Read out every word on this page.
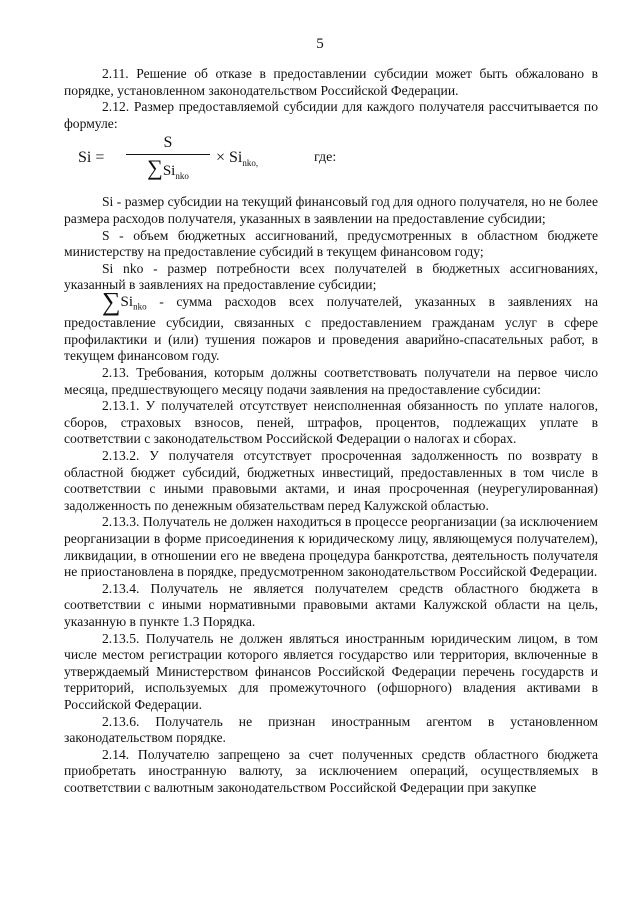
5

2.11. Решение об отказе в предоставлении субсидии может быть обжаловано в порядке, установленном законодательством Российской Федерации.

2.12. Размер предоставляемой субсидии для каждого получателя рассчитывается по формуле:

Si =
S
$\sum Si_{nko}$
× $Si_{nko,}$	где:

Si - размер субсидии на текущий финансовый год для одного получателя, но не более размера расходов получателя, указанных в заявлении на предоставление субсидии;

S - объем бюджетных ассигнований, предусмотренных в областном бюджете министерству на предоставление субсидий в текущем финансовом году;

Si nko - размер потребности всех получателей в бюджетных ассигнованиях, указанный в заявлениях на предоставление субсидии;

$\sum Si_{nko}$ - сумма расходов всех получателей, указанных в заявлениях на предоставление субсидии, связанных с предоставлением гражданам услуг в сфере профилактики и (или) тушения пожаров и проведения аварийно-спасательных работ, в текущем финансовом году.

2.13. Требования, которым должны соответствовать получатели на первое число месяца, предшествующего месяцу подачи заявления на предоставление субсидии:

2.13.1. У получателей отсутствует неисполненная обязанность по уплате налогов, сборов, страховых взносов, пеней, штрафов, процентов, подлежащих уплате в соответствии с законодательством Российской Федерации о налогах и сборах.

2.13.2. У получателя отсутствует просроченная задолженность по возврату в областной бюджет субсидий, бюджетных инвестиций, предоставленных в том числе в соответствии с иными правовыми актами, и иная просроченная (неурегулированная) задолженность по денежным обязательствам перед Калужской областью.

2.13.3. Получатель не должен находиться в процессе реорганизации (за исключением реорганизации в форме присоединения к юридическому лицу, являющемуся получателем), ликвидации, в отношении его не введена процедура банкротства, деятельность получателя не приостановлена в порядке, предусмотренном законодательством Российской Федерации.

2.13.4. Получатель не является получателем средств областного бюджета в соответствии с иными нормативными правовыми актами Калужской области на цель, указанную в пункте 1.3 Порядка.

2.13.5. Получатель не должен являться иностранным юридическим лицом, в том числе местом регистрации которого является государство или территория, включенные в утверждаемый Министерством финансов Российской Федерации перечень государств и территорий, используемых для промежуточного (офшорного) владения активами в Российской Федерации.

2.13.6. Получатель не признан иностранным агентом в установленном законодательством порядке.

2.14. Получателю запрещено за счет полученных средств областного бюджета приобретать иностранную валюту, за исключением операций, осуществляемых в соответствии с валютным законодательством Российской Федерации при закупке
